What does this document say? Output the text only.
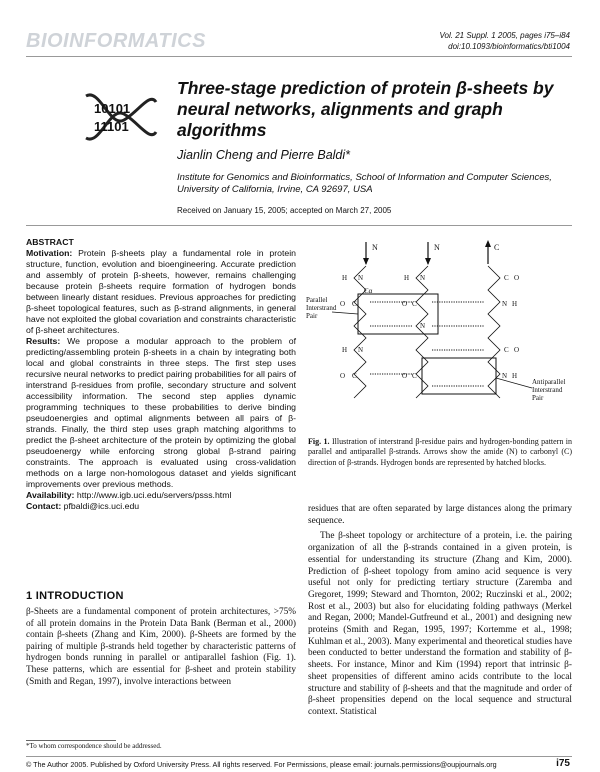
BIOINFORMATICS	Vol. 21 Suppl. 1 2005, pages i75–i84
doi:10.1093/bioinformatics/bti1004
10101
11101
Three-stage prediction of protein β-sheets by neural networks, alignments and graph algorithms
Jianlin Cheng and Pierre Baldi*
Institute for Genomics and Bioinformatics, School of Information and Computer Sciences, University of California, Irvine, CA 92697, USA
Received on January 15, 2005; accepted on March 27, 2005

ABSTRACT

Motivation: Protein β-sheets play a fundamental role in protein structure, function, evolution and bioengineering. Accurate prediction and assembly of protein β-sheets, however, remains challenging because protein β-sheets require formation of hydrogen bonds between linearly distant residues. Previous approaches for predicting β-sheet topological features, such as β-strand alignments, in general have not exploited the global covariation and constraints characteristic of β-sheet architectures.

Results: We propose a modular approach to the problem of predicting/assembling protein β-sheets in a chain by integrating both local and global constraints in three steps. The first step uses recursive neural networks to predict pairing probabilities for all pairs of interstrand β-residues from profile, secondary structure and solvent accessibility information. The second step applies dynamic programming techniques to these probabilities to derive binding pseudoenergies and optimal alignments between all pairs of β-strands. Finally, the third step uses graph matching algorithms to predict the β-sheet architecture of the protein by optimizing the global pseudoenergy while enforcing strong global β-strand pairing constraints. The approach is evaluated using cross-validation methods on a large non-homologous dataset and yields significant improvements over previous methods.

Availability: http://www.igb.uci.edu/servers/psss.html

Contact: pfbaldi@ics.uci.edu

1 INTRODUCTION
β-Sheets are a fundamental component of protein architectures, >75% of all protein domains in the Protein Data Bank (Berman et al., 2000) contain β-sheets (Zhang and Kim, 2000). β-Sheets are formed by the pairing of multiple β-strands held together by characteristic patterns of hydrogen bonds running in parallel or antiparallel fashion (Fig. 1). These patterns, which are essential for β-sheet and protein stability (Smith and Regan, 1997), involve interactions between
*To whom correspondence should be addressed.
N	N	C
H N
Cα
O C
H N
O C
H N
O C
N
O C
C O
N H
C O
N H
Parallel
Interstrand
Pair
Antiparallel
Interstrand
Pair
Fig. 1. Illustration of interstrand β-residue pairs and hydrogen-bonding pattern in parallel and antiparallel β-strands. Arrows show the amide (N) to carbonyl (C) direction of β-strands. Hydrogen bonds are represented by hatched blocks.

residues that are often separated by large distances along the primary sequence.

The β-sheet topology or architecture of a protein, i.e. the pairing organization of all the β-strands contained in a given protein, is essential for understanding its structure (Zhang and Kim, 2000). Prediction of β-sheet topology from amino acid sequence is very useful not only for predicting tertiary structure (Zaremba and Gregoret, 1999; Steward and Thornton, 2002; Ruczinski et al., 2002; Rost et al., 2003) but also for elucidating folding pathways (Merkel and Regan, 2000; Mandel-Gutfreund et al., 2001) and designing new proteins (Smith and Regan, 1995, 1997; Kortemme et al., 1998; Kuhlman et al., 2003). Many experimental and theoretical studies have been conducted to better understand the formation and stability of β-sheets. For instance, Minor and Kim (1994) report that intrinsic β-sheet propensities of different amino acids contribute to the local structure and stability of β-sheets and that the magnitude and order of β-sheet propensities depend on the local sequence and structural context. Statistical

© The Author 2005. Published by Oxford University Press. All rights reserved. For Permissions, please email: journals.permissions@oupjournals.org	i75
